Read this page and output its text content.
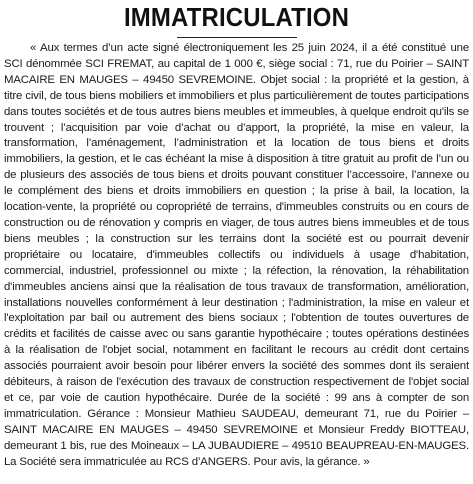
IMMATRICULATION

« Aux termes d’un acte signé électroniquement les 25 juin 2024, il a été constitué une SCI dénommée SCI FREMAT, au capital de 1 000 €, siège social : 71, rue du Poirier – SAINT MACAIRE EN MAUGES – 49450 SEVREMOINE. Objet social : la propriété et la gestion, à titre civil, de tous biens mobiliers et immobiliers et plus particulièrement de toutes participations dans toutes sociétés et de tous autres biens meubles et immeubles, à quelque endroit qu'ils se trouvent ; l’acquisition par voie d’achat ou d’apport, la propriété, la mise en valeur, la transformation, l’aménagement, l’administration et la location de tous biens et droits immobiliers, la gestion, et le cas échéant la mise à disposition à titre gratuit au profit de l’un ou de plusieurs des associés de tous biens et droits pouvant constituer l’accessoire, l’annexe ou le complément des biens et droits immobiliers en question ; la prise à bail, la location, la location-vente, la propriété ou copropriété de terrains, d'immeubles construits ou en cours de construction ou de rénovation y compris en viager, de tous autres biens immeubles et de tous biens meubles ; la construction sur les terrains dont la société est ou pourrait devenir propriétaire ou locataire, d'immeubles collectifs ou individuels à usage d'habitation, commercial, industriel, professionnel ou mixte ; la réfection, la rénovation, la réhabilitation d'immeubles anciens ainsi que la réalisation de tous travaux de transformation, amélioration, installations nouvelles conformément à leur destination ; l'administration, la mise en valeur et l'exploitation par bail ou autrement des biens sociaux ; l'obtention de toutes ouvertures de crédits et facilités de caisse avec ou sans garantie hypothécaire ; toutes opérations destinées à la réalisation de l'objet social, notamment en facilitant le recours au crédit dont certains associés pourraient avoir besoin pour libérer envers la société des sommes dont ils seraient débiteurs, à raison de l'exécution des travaux de construction respectivement de l'objet social et ce, par voie de caution hypothécaire. Durée de la société : 99 ans à compter de son immatriculation. Gérance : Monsieur Mathieu SAUDEAU, demeurant 71, rue du Poirier – SAINT MACAIRE EN MAUGES – 49450 SEVREMOINE et Monsieur Freddy BIOTTEAU, demeurant 1 bis, rue des Moineaux – LA JUBAUDIERE – 49510 BEAUPREAU-EN-MAUGES. La Société sera immatriculée au RCS d’ANGERS. Pour avis, la gérance. »
